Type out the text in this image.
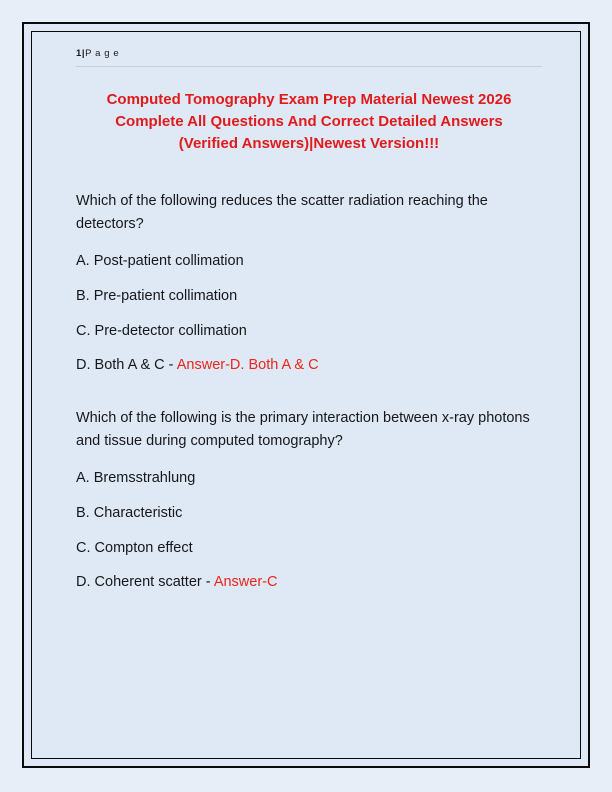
1|P a g e
Computed Tomography Exam Prep Material Newest 2026 Complete All Questions And Correct Detailed Answers (Verified Answers)|Newest Version!!!
Which of the following reduces the scatter radiation reaching the detectors?
A. Post-patient collimation
B. Pre-patient collimation
C. Pre-detector collimation
D. Both A & C - Answer-D. Both A & C
Which of the following is the primary interaction between x-ray photons and tissue during computed tomography?
A. Bremsstrahlung
B. Characteristic
C. Compton effect
D. Coherent scatter - Answer-C
